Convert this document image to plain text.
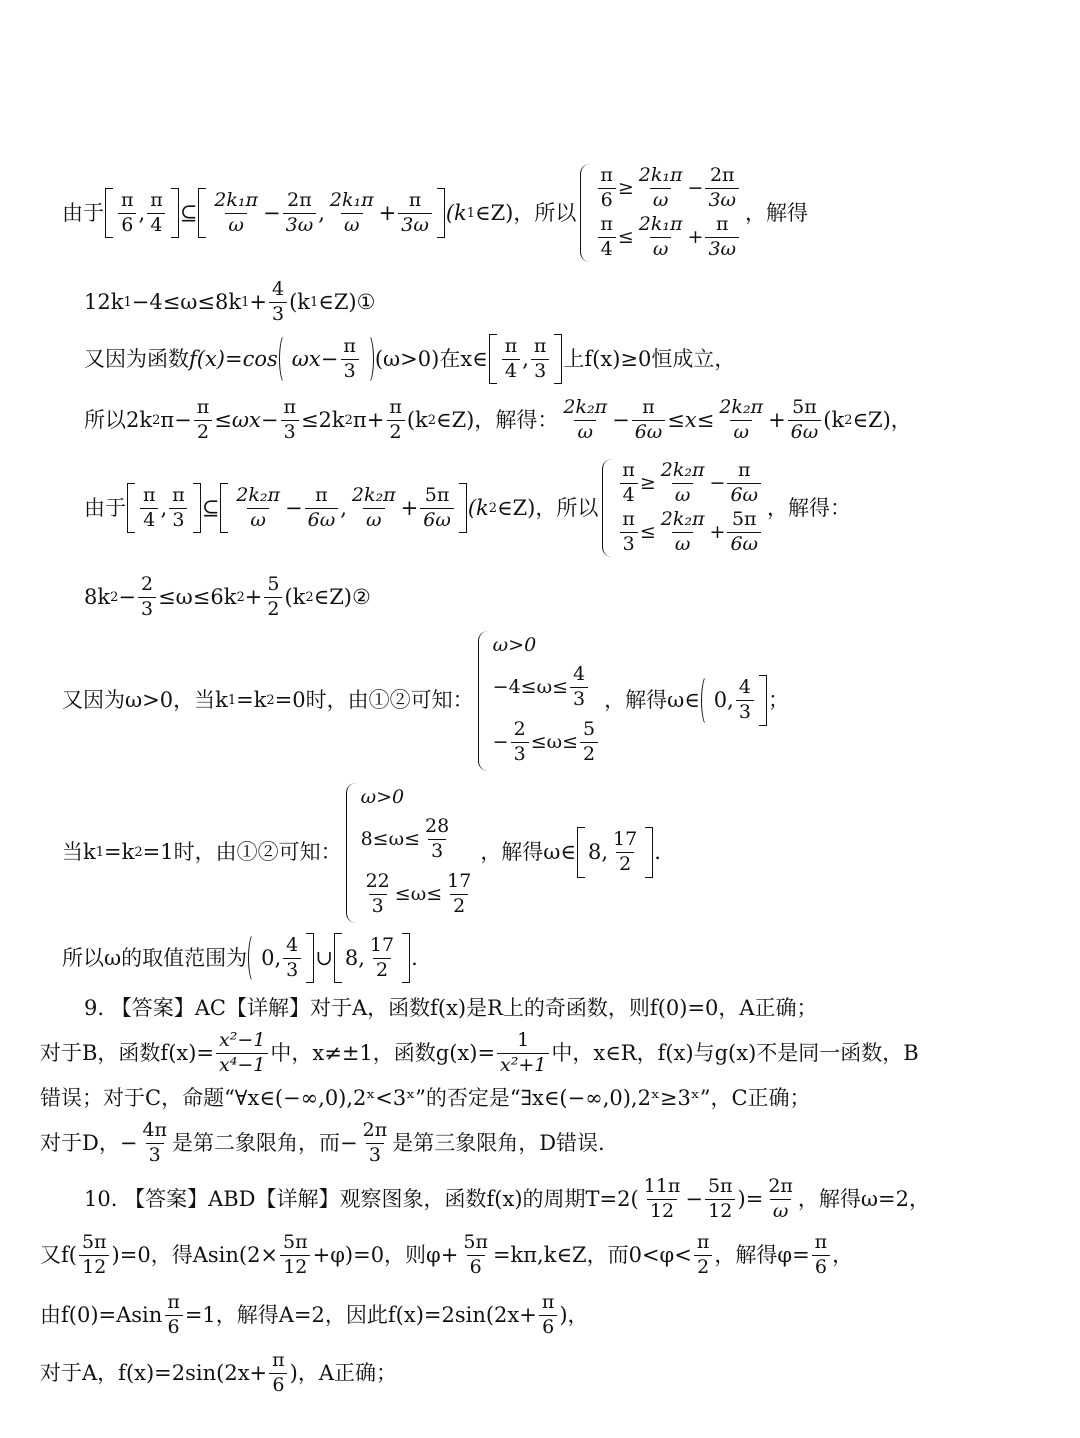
由于 $\frac{\pi}{6}$ , $\frac{\pi}{4}$ ⊆ $\frac{\text{2k₁π}}{\omega} - \frac{2\pi}{3\omega}$ , $\frac{\text{2k₁π}}{\omega} + \frac{\pi}{3\omega} (k$ 1 ∈Z)，所以
$\frac{\pi}{6} \ge \frac{\text{2k₁π}}{\omega} - \frac{2\pi}{3\omega}$
$\frac{\pi}{4} \le \frac{\text{2k₁π}}{\omega} + \frac{\pi}{3\omega}$
，解得
12k 1 −4≤ω≤8k $1 + \frac{4}{3} (k$ 1 ∈Z) ①
又因为函数 f(x)=cos $\omega x- \frac{\pi}{3} (\omega>0)$在x∈ $\frac{\pi}{4}$ , $\frac{\pi}{3}$ 上f(x)≥0恒成立，
所以2k 2 $\pi- \frac{\pi}{2} \le\omega x- \frac{\pi}{3} \le 2k$ 2 $\pi+ \frac{\pi}{2} (k$ 2 ∈Z)，解得： $\frac{\text{2k₂π}}{\omega} - \frac{\pi}{6\omega} \le x\le \frac{\text{2k₂π}}{\omega} + \frac{5\pi}{6\omega} (k$ 2 ∈Z)，
由于 $\frac{\pi}{4}$ , $\frac{\pi}{3}$ ⊆ $\frac{\text{2k₂π}}{\omega} - \frac{\pi}{6\omega}$ , $\frac{\text{2k₂π}}{\omega} + \frac{5\pi}{6\omega} (k$ 2 ∈Z)，所以
$\frac{\pi}{4} \ge \frac{\text{2k₂π}}{\omega} - \frac{\pi}{6\omega}$
$\frac{\pi}{3} \le \frac{\text{2k₂π}}{\omega} + \frac{5\pi}{6\omega}$
，解得：
8k $2 - \frac{2}{3} \le\omega\le 6k$ $2 + \frac{5}{2} (k$ 2 ∈Z) ②
又因为ω>0，当k 1 =k 2 =0时，由①②可知：
ω>0
$-4\le\omega\le \frac{4}{3}$
− $\frac{2}{3} \le\omega\le \frac{5}{2}$
，解得ω∈ 0, $\frac{4}{3}$ ；
当k 1 =k 2 =1时，由①②可知：
ω>0
$8\le\omega\le \frac{28}{3}$
$\frac{22}{3} \le\omega\le \frac{17}{2}$
，解得ω∈ 8, $\frac{17}{2}$ .
所以ω的取值范围为 0, $\frac{4}{3}$ ∪ 8, $\frac{17}{2}$ .
9. 【答案】AC【详解】对于A，函数f(x)是R上的奇函数，则f(0)=0，A正确；
对于B，函数$f(x)= \frac{\text{x²−1}}{\text{x⁴−1}}$ 中，x≠±1，函数$g(x)= \frac{1}{\text{x²+1}}$ 中，x∈R，f(x)与g(x)不是同一函数，B
错误；对于C，命题“∀x∈(−∞,0),2ˣ<3ˣ”的否定是“∃x∈(−∞,0),2ˣ≥3ˣ”，C正确；
对于D，− $\frac{4\pi}{3}$ 是第二象限角，而− $\frac{2\pi}{3}$ 是第三象限角，D错误.
10. 【答案】ABD【详解】观察图象，函数f(x)的周期$T=2( \frac{11\pi}{12} - \frac{5\pi}{12}$ )= $\frac{2\pi}{\omega}$ ，解得ω=2，
又$f( \frac{5\pi}{12} )=0$，得$Asin(2\times \frac{5\pi}{12} +\varphi)=0$，则$\varphi+ \frac{5\pi}{6}$ =kπ,k∈Z，而$0<\varphi< \frac{\pi}{2}$ ，解得$\varphi= \frac{\pi}{6}$ ，
由$f(0)=Asin \frac{\pi}{6} =1$，解得A=2，因此$f(x)=2\sin(2x+ \frac{\pi}{6}$ )，
对于A，$f(x)=2\sin(2x+ \frac{\pi}{6}$ )，A正确；
